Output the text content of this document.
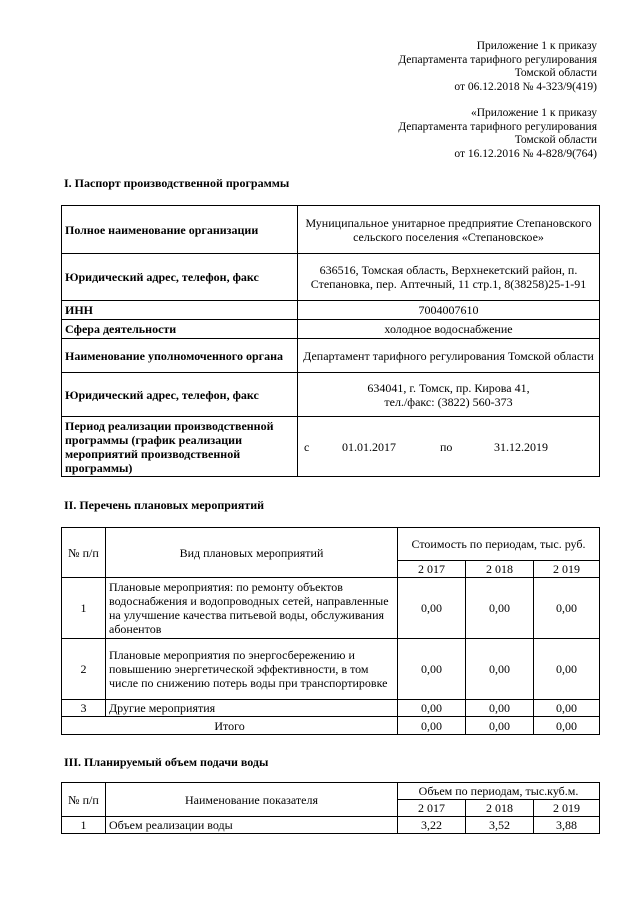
Приложение 1 к приказу
Департамента тарифного регулирования
Томской области
от 06.12.2018 № 4-323/9(419)
«Приложение 1 к приказу
Департамента тарифного регулирования
Томской области
от 16.12.2016 № 4-828/9(764)
I. Паспорт производственной программы
Полное наименование организации	Муниципальное унитарное предприятие Степановского сельского поселения «Степановское»
Юридический адрес, телефон, факс	636516, Томская область, Верхнекетский район, п. Степановка, пер. Аптечный, 11 стр.1, 8(38258)25-1-91
ИНН	7004007610
Сфера деятельности	холодное водоснабжение
Наименование уполномоченного органа	Департамент тарифного регулирования Томской области
Юридический адрес, телефон, факс	634041, г. Томск, пр. Кирова 41,
тел./факс: (3822) 560-373

Период реализации производственной программы (график реализации мероприятий производственной программы)	с 01.01.2017 по 31.12.2019
II. Перечень плановых мероприятий
№ п/п	Вид плановых мероприятий	Стоимость по периодам, тыс. руб.		
		2 017	2 018	2 019
1	Плановые мероприятия: по ремонту объектов водоснабжения и водопроводных сетей, направленные на улучшение качества питьевой воды, обслуживания абонентов	0,00	0,00	0,00
2	Плановые мероприятия по энергосбережению и повышению энергетической эффективности, в том числе по снижению потерь воды при транспортировке	0,00	0,00	0,00
3	Другие мероприятия	0,00	0,00	0,00
Итого		0,00	0,00	0,00
III. Планируемый объем подачи воды
№ п/п	Наименование показателя	Объем по периодам, тыс.куб.м.		
		2 017	2 018	2 019
1	Объем реализации воды	3,22	3,52	3,88
